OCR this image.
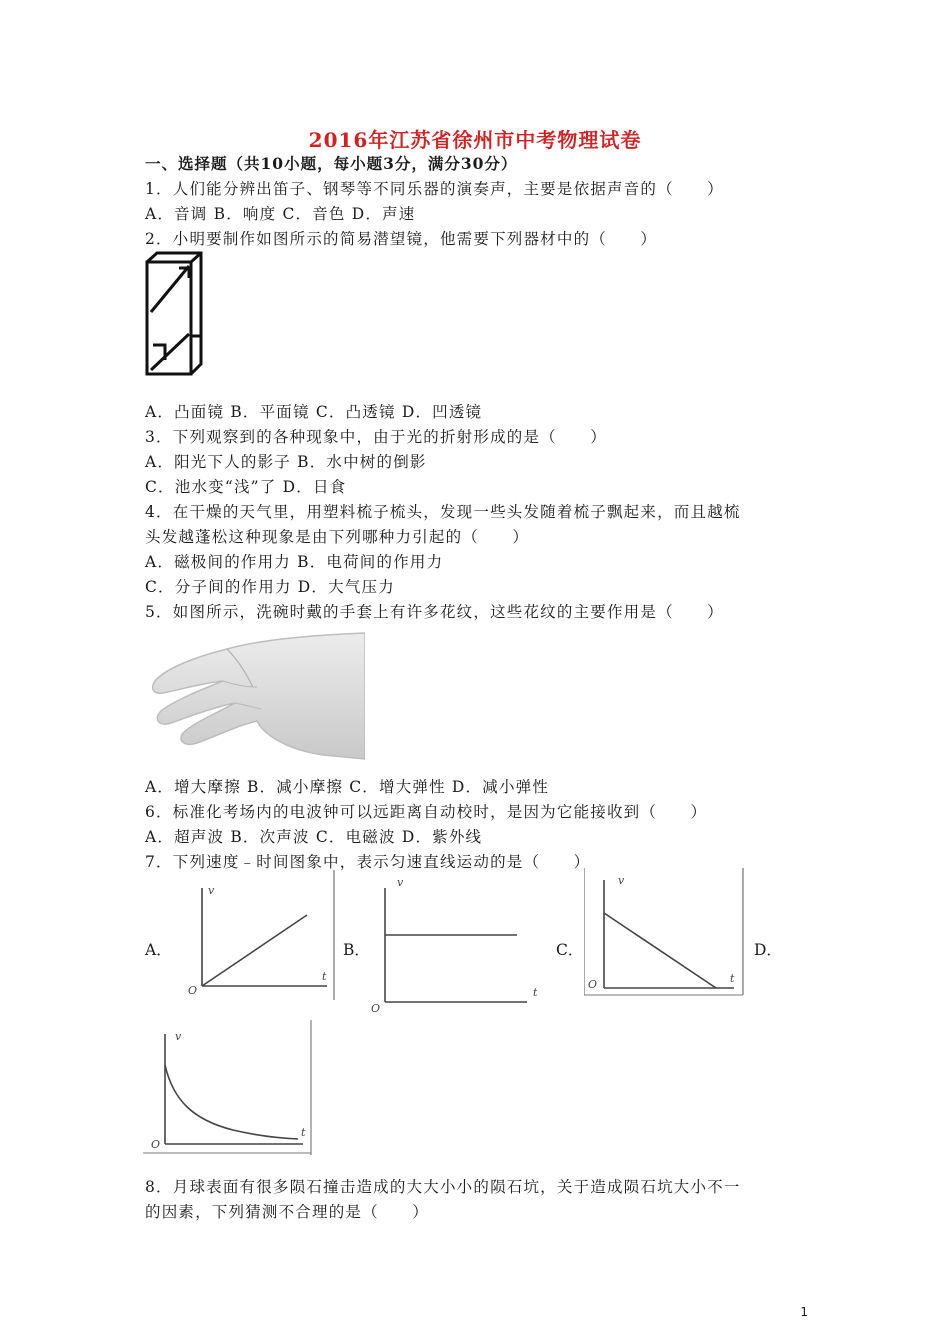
2016年江苏省徐州市中考物理试卷
一、选择题（共10小题，每小题3分，满分30分）
1．人们能分辨出笛子、钢琴等不同乐器的演奏声，主要是依据声音的（　　）
A．音调 B．响度 C．音色 D．声速
2．小明要制作如图所示的简易潜望镜，他需要下列器材中的（　　）
A．凸面镜 B．平面镜 C．凸透镜 D．凹透镜
3．下列观察到的各种现象中，由于光的折射形成的是（　　）
A．阳光下人的影子 B．水中树的倒影
C．池水变“浅”了 D．日食
4．在干燥的天气里，用塑料梳子梳头，发现一些头发随着梳子飘起来，而且越梳
头发越蓬松这种现象是由下列哪种力引起的（　　）
A．磁极间的作用力 B．电荷间的作用力
C．分子间的作用力 D．大气压力
5．如图所示，洗碗时戴的手套上有许多花纹，这些花纹的主要作用是（　　）
A．增大摩擦 B．减小摩擦 C．增大弹性 D．减小弹性
6．标准化考场内的电波钟可以远距离自动校时，是因为它能接收到（　　）
A．超声波 B．次声波 C．电磁波 D．紫外线
7．下列速度﹣时间图象中，表示匀速直线运动的是（　　）
A．	B．	C．	D．
v
t
O
v
t
O
v
t
O
v
t
O
8．月球表面有很多陨石撞击造成的大大小小的陨石坑，关于造成陨石坑大小不一
的因素，下列猜测不合理的是（　　）
1
